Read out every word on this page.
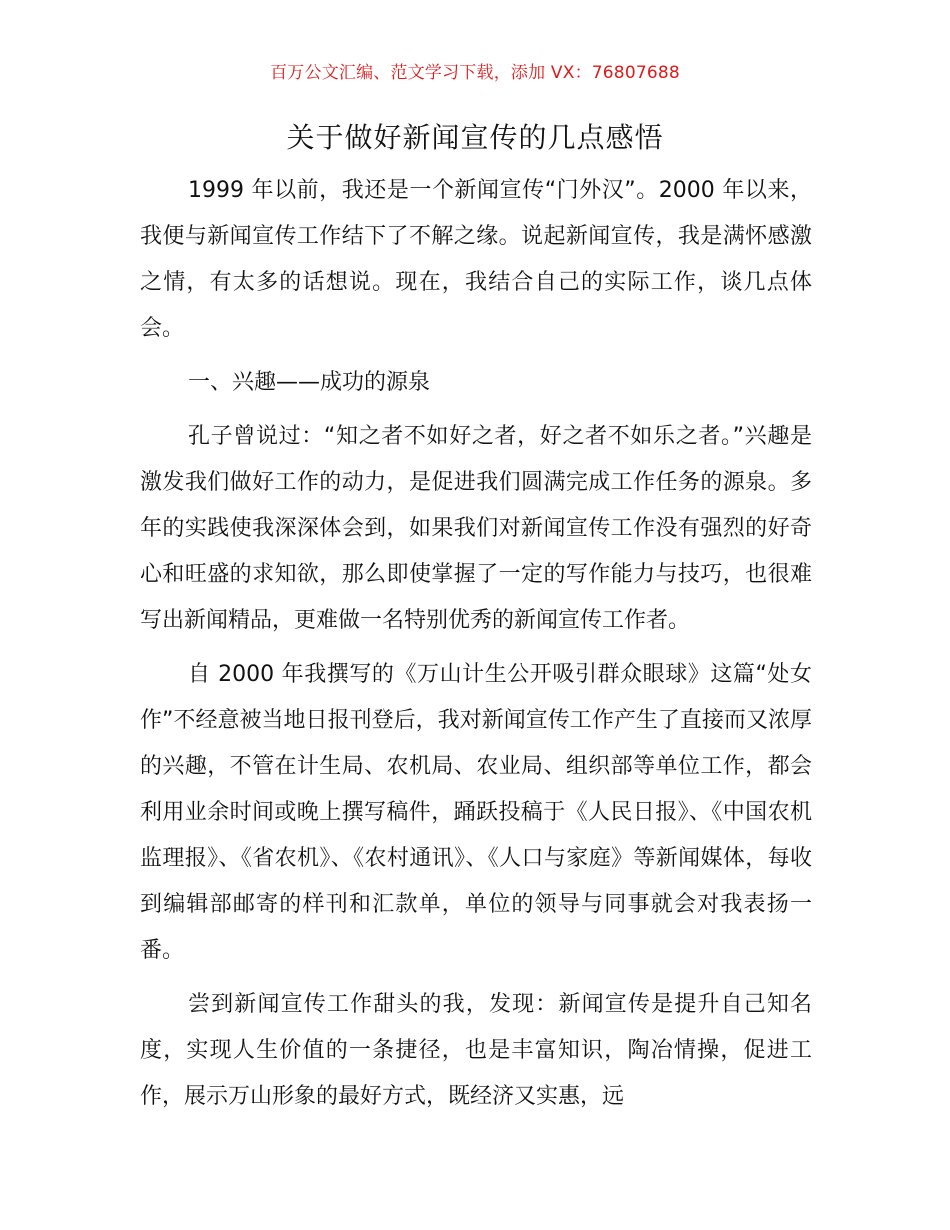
百万公文汇编、范文学习下载，添加 VX：76807688
关于做好新闻宣传的几点感悟

1999 年以前，我还是一个新闻宣传“门外汉”。2000 年以来，我便与新闻宣传工作结下了不解之缘。说起新闻宣传，我是满怀感激之情，有太多的话想说。现在，我结合自己的实际工作，谈几点体会。

一、兴趣——成功的源泉

孔子曾说过：“知之者不如好之者，好之者不如乐之者。”兴趣是激发我们做好工作的动力，是促进我们圆满完成工作任务的源泉。多年的实践使我深深体会到，如果我们对新闻宣传工作没有强烈的好奇心和旺盛的求知欲，那么即使掌握了一定的写作能力与技巧，也很难写出新闻精品，更难做一名特别优秀的新闻宣传工作者。

自 2000 年我撰写的《万山计生公开吸引群众眼球》这篇“处女作”不经意被当地日报刊登后，我对新闻宣传工作产生了直接而又浓厚的兴趣，不管在计生局、农机局、农业局、组织部等单位工作，都会利用业余时间或晚上撰写稿件，踊跃投稿于《人民日报》、《中国农机监理报》、《省农机》、《农村通讯》、《人口与家庭》等新闻媒体，每收到编辑部邮寄的样刊和汇款单，单位的领导与同事就会对我表扬一番。

尝到新闻宣传工作甜头的我，发现：新闻宣传是提升自己知名度，实现人生价值的一条捷径，也是丰富知识，陶冶情操，促进工作，展示万山形象的最好方式，既经济又实惠，远
